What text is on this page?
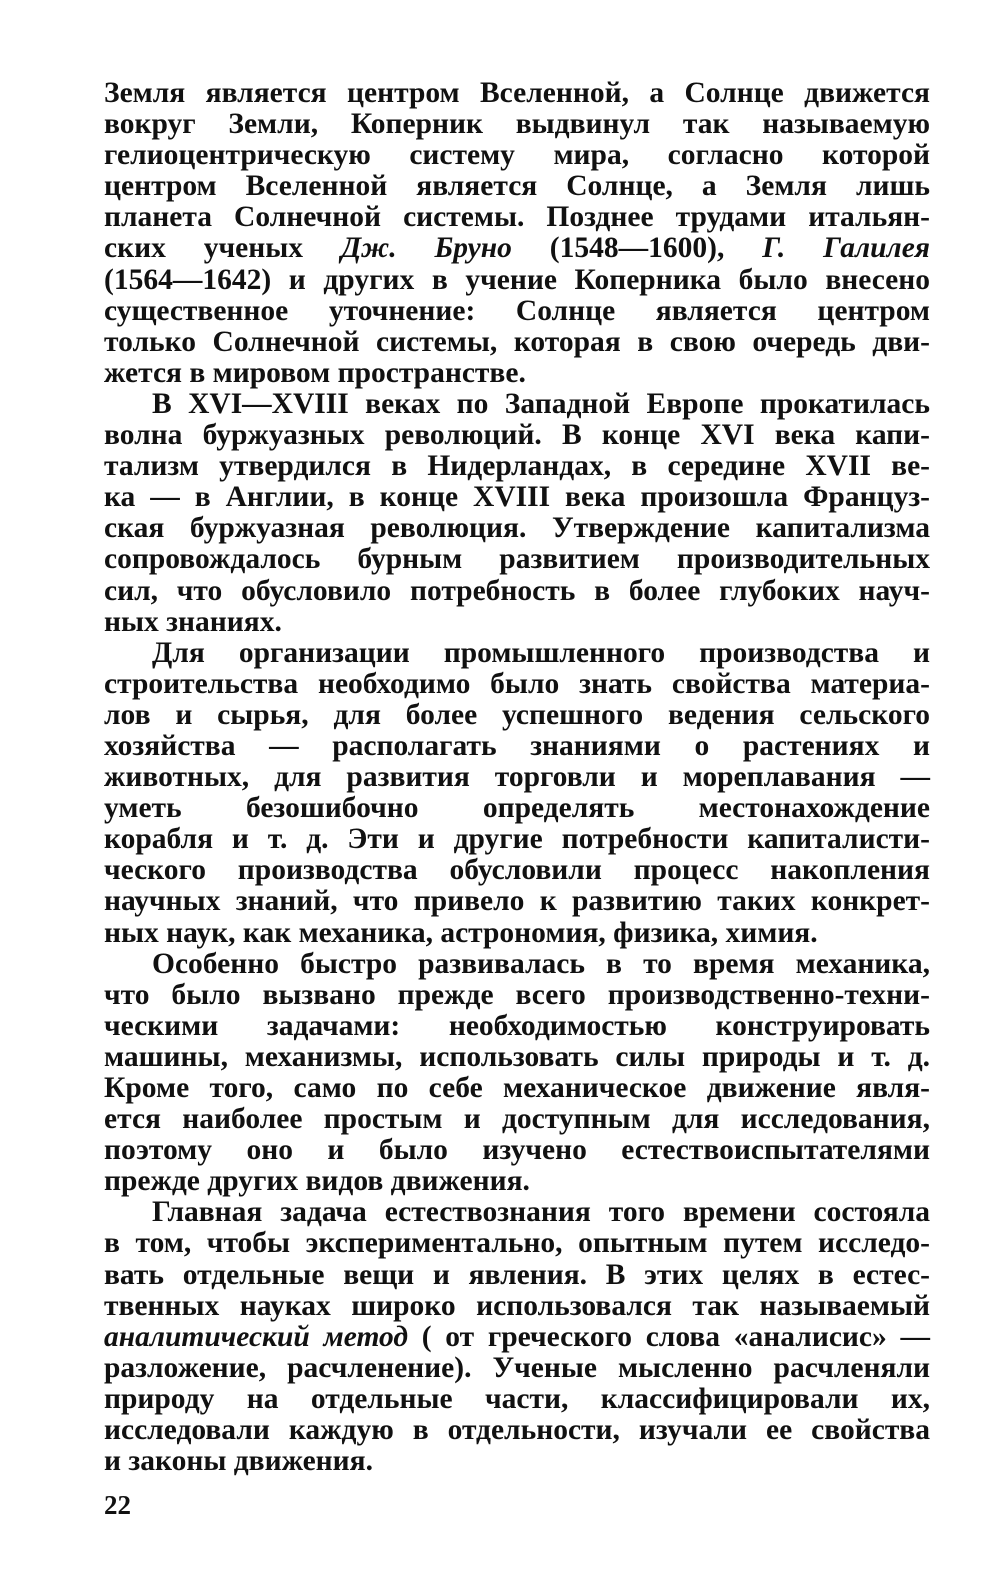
Земля является центром Вселенной, а Солнце движется
вокруг Земли, Коперник выдвинул так называемую
гелиоцентрическую систему мира, согласно которой
центром Вселенной является Солнце, а Земля лишь
планета Солнечной системы. Позднее трудами итальян-
ских ученых Дж. Бруно (1548—1600), Г. Галилея
(1564—1642) и других в учение Коперника было внесено
существенное уточнение: Солнце является центром
только Солнечной системы, которая в свою очередь дви-
жется в мировом пространстве.
В XVI—XVIII веках по Западной Европе прокатилась
волна буржуазных революций. В конце XVI века капи-
тализм утвердился в Нидерландах, в середине XVII ве-
ка — в Англии, в конце XVIII века произошла Француз-
ская буржуазная революция. Утверждение капитализма
сопровождалось бурным развитием производительных
сил, что обусловило потребность в более глубоких науч-
ных знаниях.
Для организации промышленного производства и
строительства необходимо было знать свойства материа-
лов и сырья, для более успешного ведения сельского
хозяйства — располагать знаниями о растениях и
животных, для развития торговли и мореплавания —
уметь безошибочно определять местонахождение
корабля и т. д. Эти и другие потребности капиталисти-
ческого производства обусловили процесс накопления
научных знаний, что привело к развитию таких конкрет-
ных наук, как механика, астрономия, физика, химия.
Особенно быстро развивалась в то время механика,
что было вызвано прежде всего производственно-техни-
ческими задачами: необходимостью конструировать
машины, механизмы, использовать силы природы и т. д.
Кроме того, само по себе механическое движение явля-
ется наиболее простым и доступным для исследования,
поэтому оно и было изучено естествоиспытателями
прежде других видов движения.
Главная задача естествознания того времени состояла
в том, чтобы экспериментально, опытным путем исследо-
вать отдельные вещи и явления. В этих целях в естес-
твенных науках широко использовался так называемый
аналитический метод ( от греческого слова «аналисис» —
разложение, расчленение). Ученые мысленно расчленяли
природу на отдельные части, классифицировали их,
исследовали каждую в отдельности, изучали ее свойства
и законы движения.
22
